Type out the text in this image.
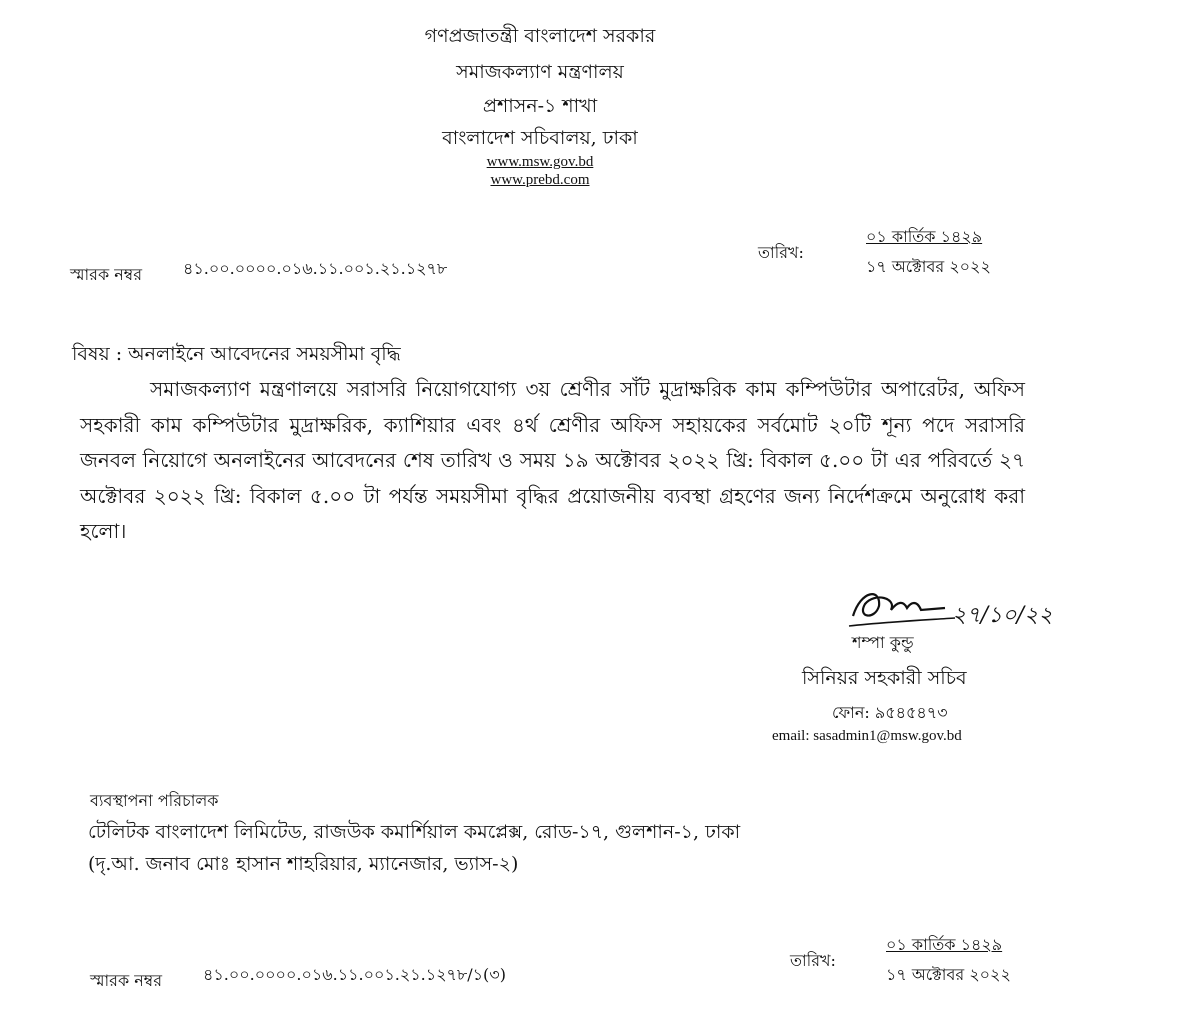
গণপ্রজাতন্ত্রী বাংলাদেশ সরকার
সমাজকল্যাণ মন্ত্রণালয়
প্রশাসন-১ শাখা
বাংলাদেশ সচিবালয়, ঢাকা
www.msw.gov.bd
www.prebd.com
স্মারক নম্বর	৪১.০০.০০০০.০১৬.১১.০০১.২১.১২৭৮
তারিখ:
০১ কার্তিক ১৪২৯
১৭ অক্টোবর ২০২২
বিষয় : অনলাইনে আবেদনের সময়সীমা বৃদ্ধি
সমাজকল্যাণ মন্ত্রণালয়ে সরাসরি নিয়োগযোগ্য ৩য় শ্রেণীর সাঁট মুদ্রাক্ষরিক কাম কম্পিউটার অপারেটর, অফিস সহকারী কাম কম্পিউটার মুদ্রাক্ষরিক, ক্যাশিয়ার এবং ৪র্থ শ্রেণীর অফিস সহায়কের সর্বমোট ২০টি শূন্য পদে সরাসরি জনবল নিয়োগে অনলাইনের আবেদনের শেষ তারিখ ও সময় ১৯ অক্টোবর ২০২২ খ্রি: বিকাল ৫.০০ টা এর পরিবর্তে ২৭ অক্টোবর ২০২২ খ্রি: বিকাল ৫.০০ টা পর্যন্ত সময়সীমা বৃদ্ধির প্রয়োজনীয় ব্যবস্থা গ্রহণের জন্য নির্দেশক্রমে অনুরোধ করা হলো।
২৭/১০/২২
শম্পা কুন্ডু
সিনিয়র সহকারী সচিব
ফোন: ৯৫৪৫৪৭৩
email: sasadmin1@msw.gov.bd
ব্যবস্থাপনা পরিচালক
টেলিটক বাংলাদেশ লিমিটেড, রাজউক কমার্শিয়াল কমপ্লেক্স, রোড-১৭, গুলশান-১, ঢাকা
(দৃ.আ. জনাব মোঃ হাসান শাহরিয়ার, ম্যানেজার, ভ্যাস-২)
স্মারক নম্বর	৪১.০০.০০০০.০১৬.১১.০০১.২১.১২৭৮/১(৩)
তারিখ:
০১ কার্তিক ১৪২৯
১৭ অক্টোবর ২০২২
